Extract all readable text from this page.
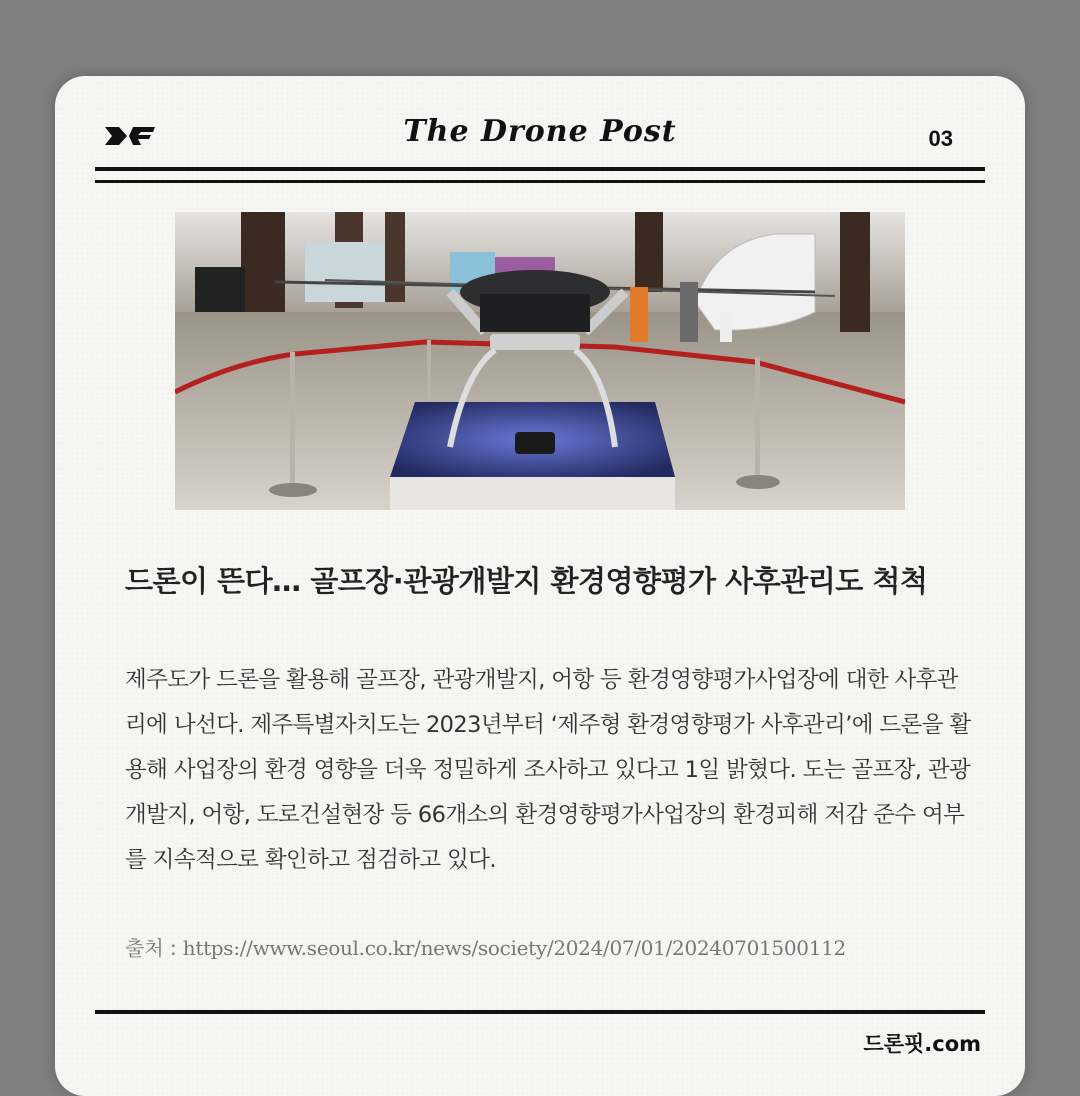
The Drone Post	03
드론이 뜬다… 골프장·관광개발지 환경영향평가 사후관리도 척척
제주도가 드론을 활용해 골프장, 관광개발지, 어항 등 환경영향평가사업장에 대한 사후관리에 나선다. 제주특별자치도는 2023년부터 ‘제주형 환경영향평가 사후관리’에 드론을 활용해 사업장의 환경 영향을 더욱 정밀하게 조사하고 있다고 1일 밝혔다. 도는 골프장, 관광개발지, 어항, 도로건설현장 등 66개소의 환경영향평가사업장의 환경피해 저감 준수 여부를 지속적으로 확인하고 점검하고 있다.
출처 : https://www.seoul.co.kr/news/society/2024/07/01/20240701500112
드론핏.com
